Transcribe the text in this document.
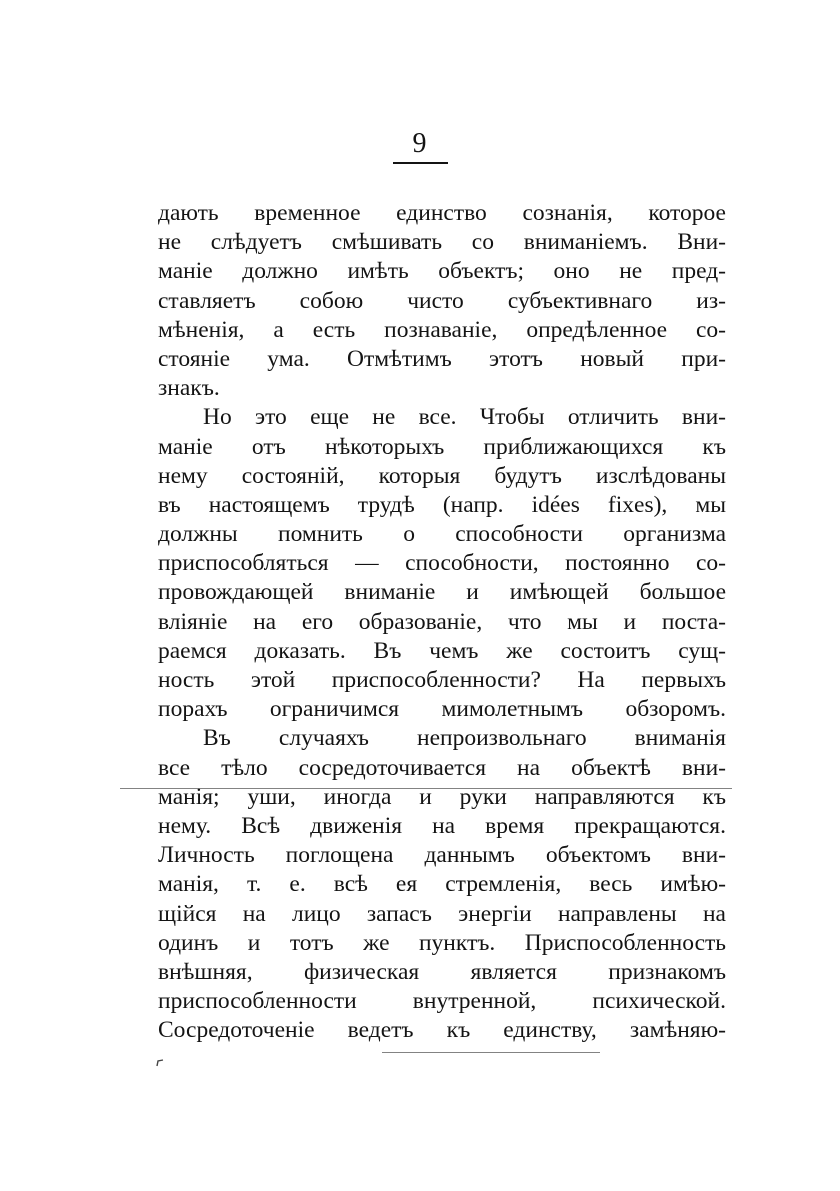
9
дають временное единство сознанія, которое
не слѣдуетъ смѣшивать со вниманіемъ. Вни-
маніе должно имѣть объектъ; оно не пред-
ставляетъ собою чисто субъективнаго из-
мѣненія, а есть познаваніе, опредѣленное со-
стояніе ума. Отмѣтимъ этотъ новый при-
знакъ.
Но это еще не все. Чтобы отличить вни-
маніе отъ нѣкоторыхъ приближающихся къ
нему состояній, которыя будутъ изслѣдованы
въ настоящемъ трудѣ (напр. idées fixes), мы
должны помнить о способности организма
приспособляться — способности, постоянно со-
провождающей вниманіе и имѣющей большое
вліяніе на его образованіе, что мы и поста-
раемся доказать. Въ чемъ же состоитъ сущ-
ность этой приспособленности? На первыхъ
порахъ ограничимся мимолетнымъ обзоромъ.
Въ случаяхъ непроизвольнаго вниманія
все тѣло сосредоточивается на объектѣ вни-
манія; уши, иногда и руки направляются къ
нему. Всѣ движенія на время прекращаются.
Личность поглощена даннымъ объектомъ вни-
манія, т. е. всѣ ея стремленія, весь имѣю-
щійся на лицо запасъ энергіи направлены на
одинъ и тотъ же пунктъ. Приспособленность
внѣшняя, физическая является признакомъ
приспособленности внутренной, психической.
Сосредоточеніе ведетъ къ единству, замѣняю-
